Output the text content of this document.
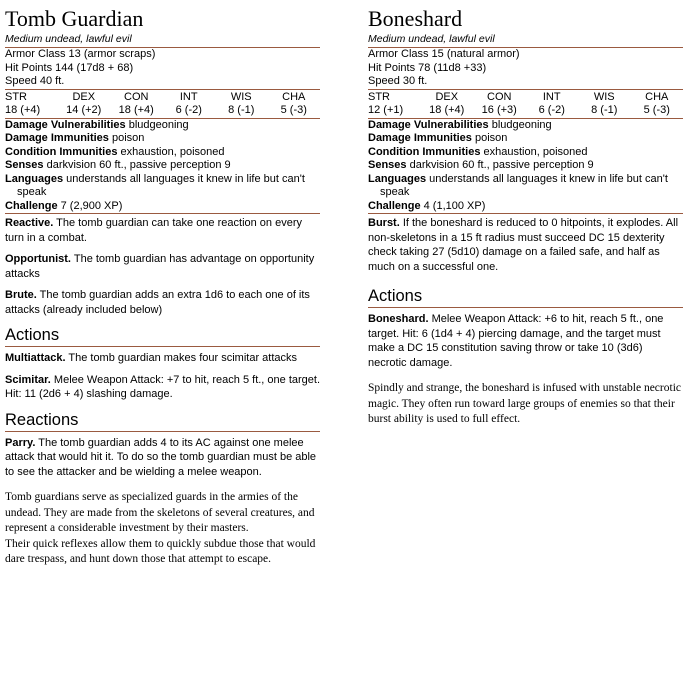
Tomb Guardian
Medium undead, lawful evil
Armor Class 13 (armor scraps)
Hit Points 144 (17d8 + 68)
Speed 40 ft.
STR
18 (+4)
DEX
14 (+2)
CON
18 (+4)
INT
6 (-2)
WIS
8 (-1)
CHA
5 (-3)
Damage Vulnerabilities bludgeoning
Damage Immunities poison
Condition Immunities exhaustion, poisoned
Senses darkvision 60 ft., passive perception 9
Languages understands all languages it knew in life but can't speak
Challenge 7 (2,900 XP)

Reactive. The tomb guardian can take one reaction on every turn in a combat.

Opportunist. The tomb guardian has advantage on opportunity attacks

Brute. The tomb guardian adds an extra 1d6 to each one of its attacks (already included below)

Actions

Multiattack. The tomb guardian makes four scimitar attacks

Scimitar. Melee Weapon Attack: +7 to hit, reach 5 ft., one target. Hit: 11 (2d6 + 4) slashing damage.

Reactions

Parry. The tomb guardian adds 4 to its AC against one melee attack that would hit it. To do so the tomb guardian must be able to see the attacker and be wielding a melee weapon.

Tomb guardians serve as specialized guards in the armies of the undead. They are made from the skeletons of several creatures, and represent a considerable investment by their masters.
Their quick reflexes allow them to quickly subdue those that would dare trespass, and hunt down those that attempt to escape.
Boneshard
Medium undead, lawful evil
Armor Class 15 (natural armor)
Hit Points 78 (11d8 +33)
Speed 30 ft.
STR
12 (+1)
DEX
18 (+4)
CON
16 (+3)
INT
6 (-2)
WIS
8 (-1)
CHA
5 (-3)
Damage Vulnerabilities bludgeoning
Damage Immunities poison
Condition Immunities exhaustion, poisoned
Senses darkvision 60 ft., passive perception 9
Languages understands all languages it knew in life but can't speak
Challenge 4 (1,100 XP)

Burst. If the boneshard is reduced to 0 hitpoints, it explodes. All non-skeletons in a 15 ft radius must succeed DC 15 dexterity check taking 27 (5d10) damage on a failed safe, and half as much on a successful one.

Actions

Boneshard. Melee Weapon Attack: +6 to hit, reach 5 ft., one target. Hit: 6 (1d4 + 4) piercing damage, and the target must make a DC 15 constitution saving throw or take 10 (3d6) necrotic damage.

Spindly and strange, the boneshard is infused with unstable necrotic magic. They often run toward large groups of enemies so that their burst ability is used to full effect.
